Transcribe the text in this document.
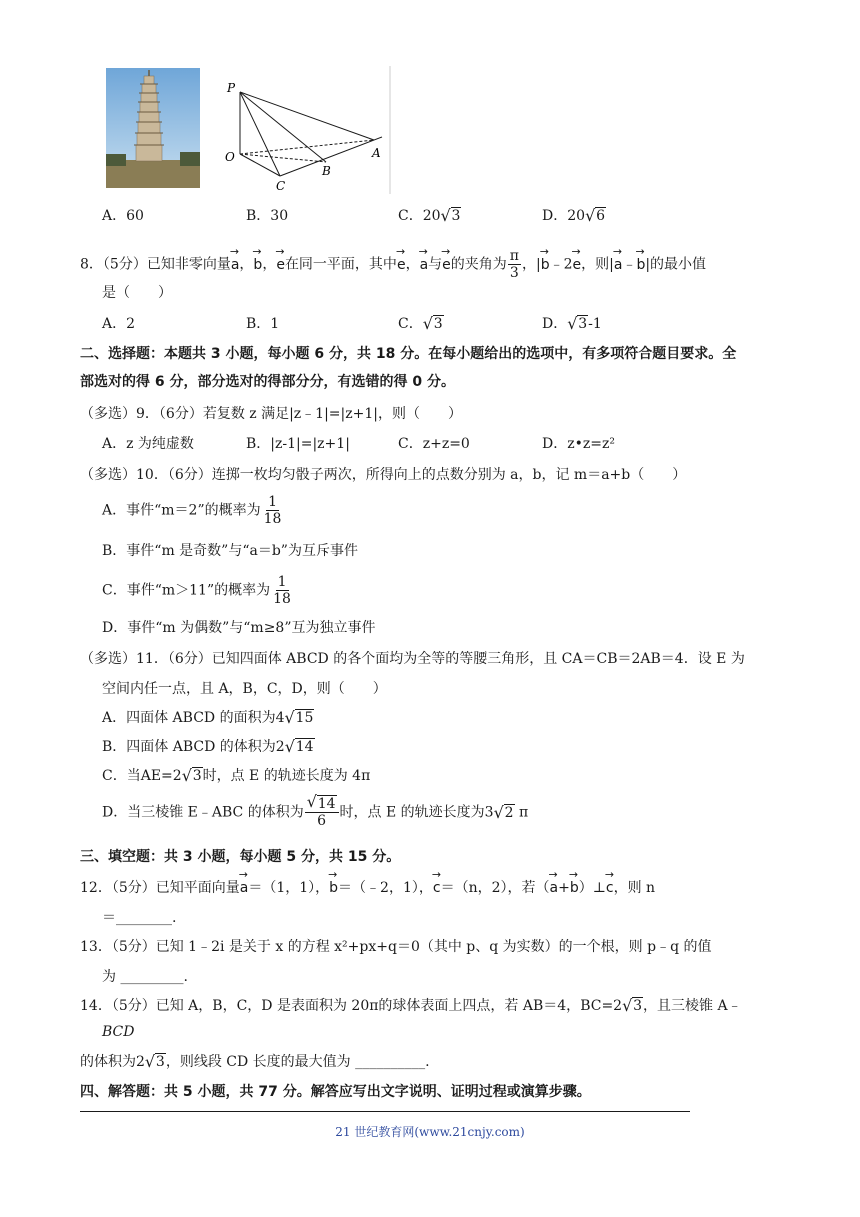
P
O	A
B
C
A．60	B．30	C．20 √ 3	D．20 √ 6
8．（5分）已知非零向量→ a，→ b，→ e在同一平面，其中→ e，→ a与→ e的夹角为 $\frac{\pi}{3}$ ，|→ b﹣2→ e，则|→ a﹣→ b|的最小值
是（　　）
A．2	B．1	C． √ 3	D． √ 3-1
二、选择题：本题共 3 小题，每小题 6 分，共 18 分。在每小题给出的选项中，有多项符合题目要求。全
部选对的得 6 分，部分选对的得部分分，有选错的得 0 分。
（多选）9．（6分）若复数 z 满足|z﹣1|=|z+1|，则（　　）
A．z 为纯虚数	B．|z-1|=|z+1|	C．z+z=0	D．z•z=z²
（多选）10．（6分）连掷一枚均匀骰子两次，所得向上的点数分别为 a，b，记 m＝a+b（　　）
A．事件“m＝2”的概率为 $\frac{1}{18}$
B．事件“m 是奇数”与“a＝b”为互斥事件
C．事件“m＞11”的概率为 $\frac{1}{18}$
D．事件“m 为偶数”与“m≥8”互为独立事件
（多选）11．（6分）已知四面体 ABCD 的各个面均为全等的等腰三角形，且 CA＝CB＝2AB＝4．设 E 为
空间内任一点，且 A，B，C，D，则（　　）
A．四面体 ABCD 的面积为4 √ 15
B．四面体 ABCD 的体积为2 √ 14
C．当AE=2 √ 3时，点 E 的轨迹长度为 4π
D．当三棱锥 E﹣ABC 的体积为 √ $\frac{14}{6}$ 时，点 E 的轨迹长度为3 √ 2 π
三、填空题：共 3 小题，每小题 5 分，共 15 分。
12．（5分）已知平面向量→ a＝（1，1），→ b＝（﹣2，1），→ c＝（n，2），若（→ a+→ b）⊥→ c，则 n
＝________.
13．（5分）已知 1﹣2i 是关于 x 的方程 x²+px+q＝0（其中 p、q 为实数）的一个根，则 p﹣q 的值
为 _________.
14．（5分）已知 A，B，C，D 是表面积为 20π的球体表面上四点，若 AB＝4，BC=2 √ 3，且三棱锥 A﹣
BCD
的体积为2 √ 3，则线段 CD 长度的最大值为 __________.
四、解答题：共 5 小题，共 77 分。解答应写出文字说明、证明过程或演算步骤。
21 世纪教育网(www.21cnjy.com)
